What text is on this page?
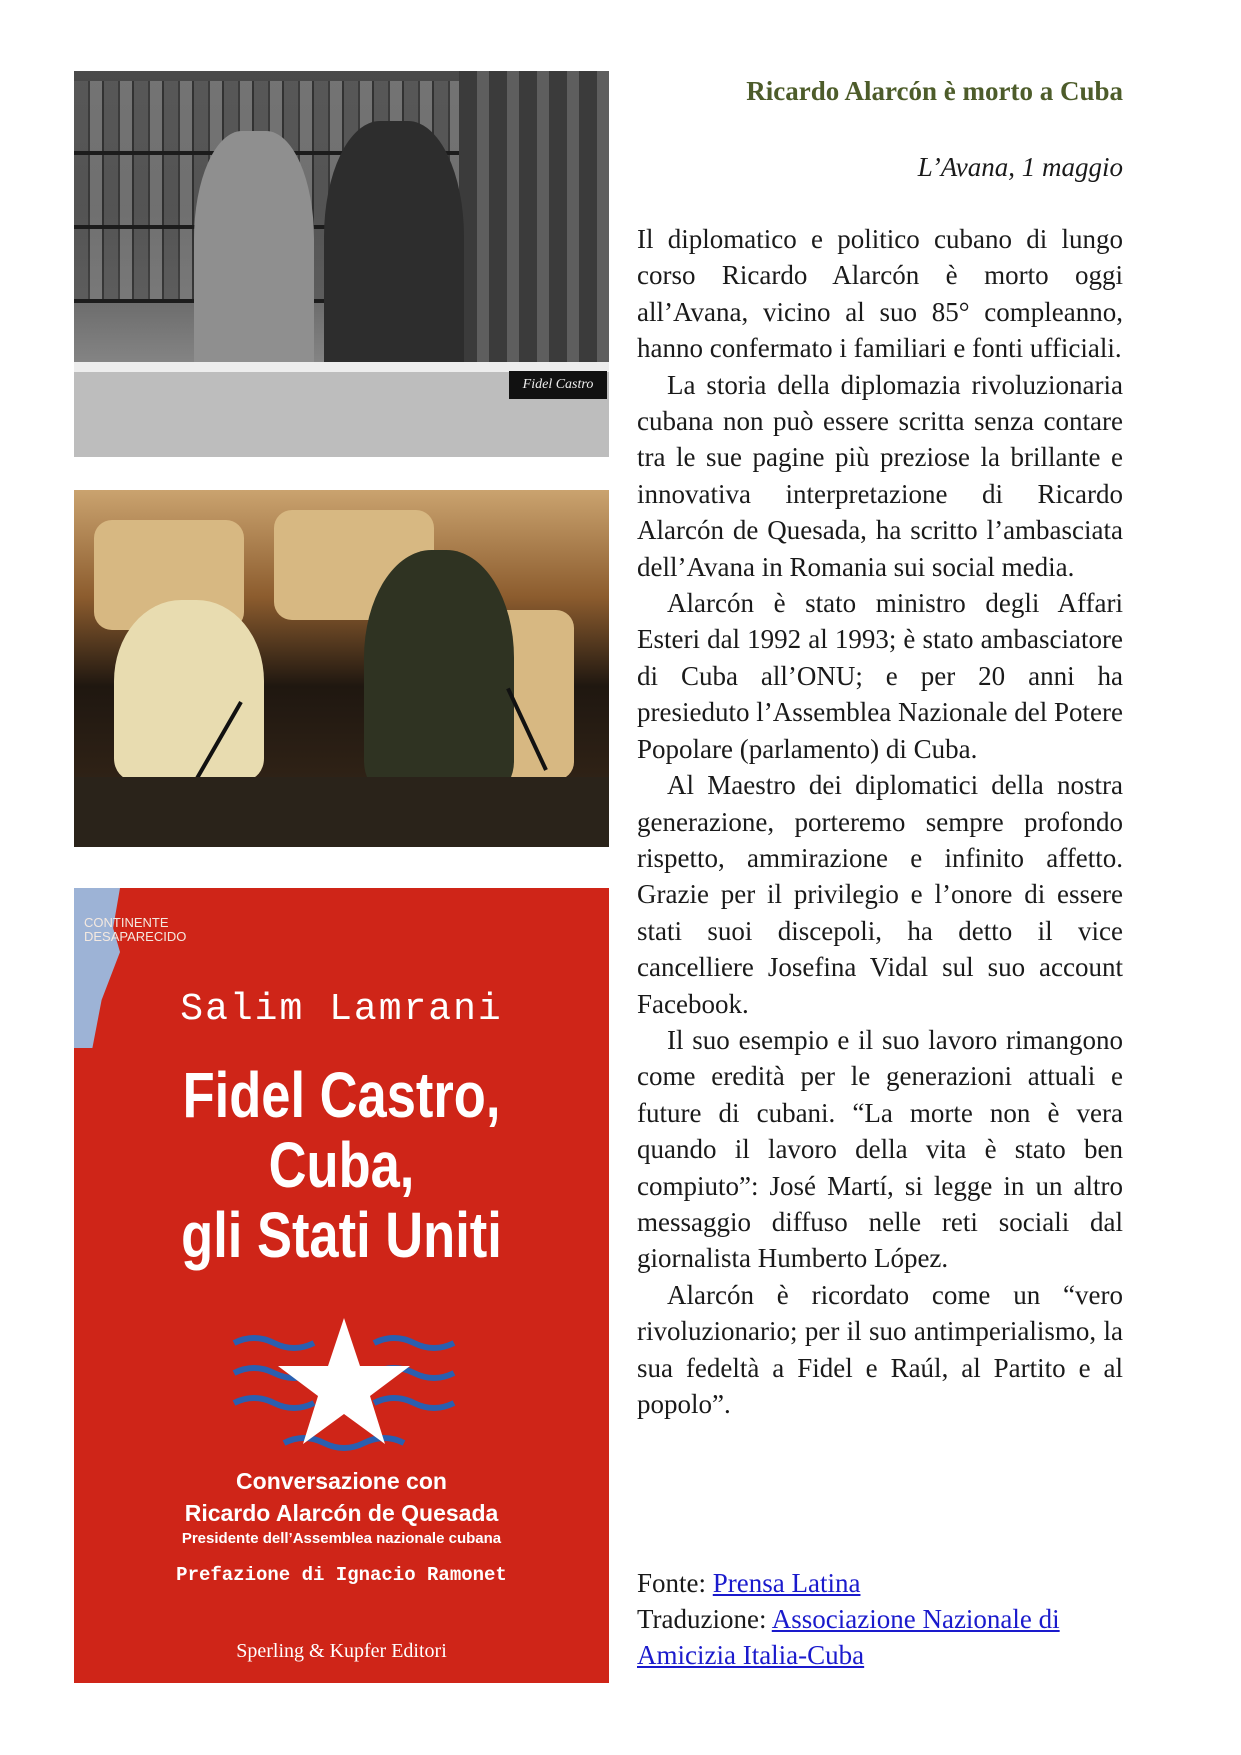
Fidel Castro
CONTINENTE
DESAPARECIDO
Salim Lamrani
Fidel Castro,
Cuba,
gli Stati Uniti
Conversazione con
Ricardo Alarcón de Quesada
Presidente dell’Assemblea nazionale cubana
Prefazione di Ignacio Ramonet
Sperling & Kupfer Editori
Ricardo Alarcón è morto a Cuba
L’Avana, 1 maggio

Il diplomatico e politico cubano di lungo corso Ricardo Alarcón è morto oggi all’Avana, vicino al suo 85° compleanno, hanno confermato i familiari e fonti ufficiali.

La storia della diplomazia rivoluzionaria cubana non può essere scritta senza contare tra le sue pagine più preziose la brillante e innovativa interpretazione di Ricardo Alarcón de Quesada, ha scritto l’ambasciata dell’Avana in Romania sui social media.

Alarcón è stato ministro degli Affari Esteri dal 1992 al 1993; è stato ambasciatore di Cuba all’ONU; e per 20 anni ha presieduto l’Assemblea Nazionale del Potere Popolare (parlamento) di Cuba.

Al Maestro dei diplomatici della nostra generazione, porteremo sempre profondo rispetto, ammirazione e infinito affetto. Grazie per il privilegio e l’onore di essere stati suoi discepoli, ha detto il vice cancelliere Josefina Vidal sul suo account Facebook.

Il suo esempio e il suo lavoro rimangono come eredità per le generazioni attuali e future di cubani. “La morte non è vera quando il lavoro della vita è stato ben compiuto”: José Martí, si legge in un altro messaggio diffuso nelle reti sociali dal giornalista Humberto López.

Alarcón è ricordato come un “vero rivoluzionario; per il suo antimperialismo, la sua fedeltà a Fidel e Raúl, al Partito e al popolo”.

Fonte: Prensa Latina
Traduzione: Associazione Nazionale di Amicizia Italia-Cuba
